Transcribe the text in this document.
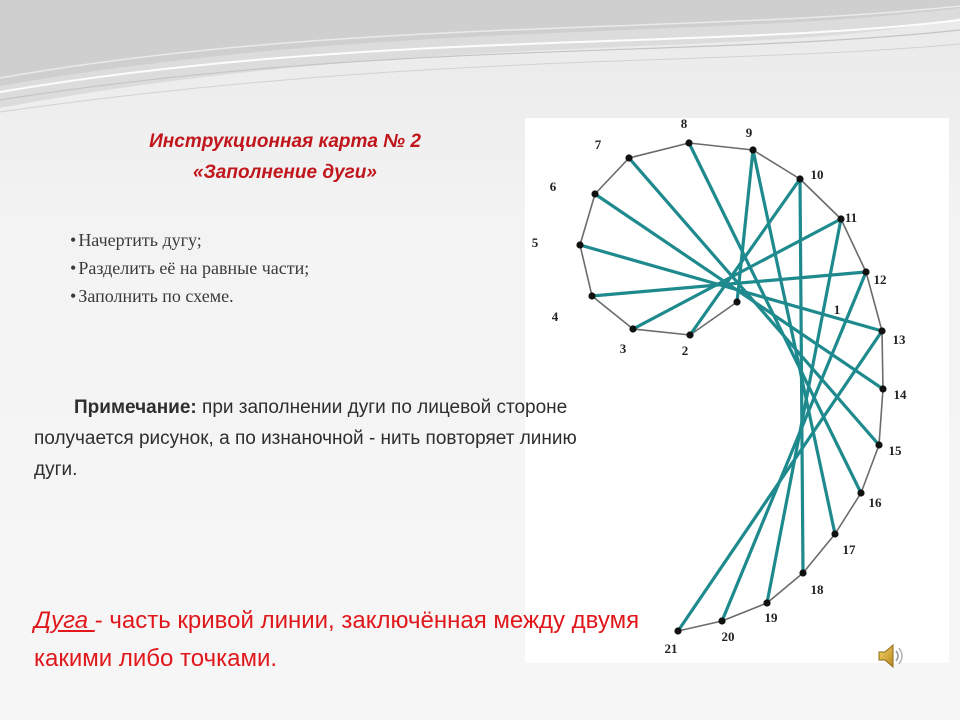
1
2
3
4
5
6
7
8
9
10
11
12
13
14
15
16
17
18
19
20
21
Инструкционная карта № 2
«Заполнение дуги»
• Начертить дугу;
• Разделить её на равные части;
• Заполнить по схеме.

Примечание: при заполнении дуги по лицевой стороне получается рисунок, а по изнаночной - нить повторяет линию дуги.

Дуга - часть кривой линии, заключённая между двумя какими либо точками.
